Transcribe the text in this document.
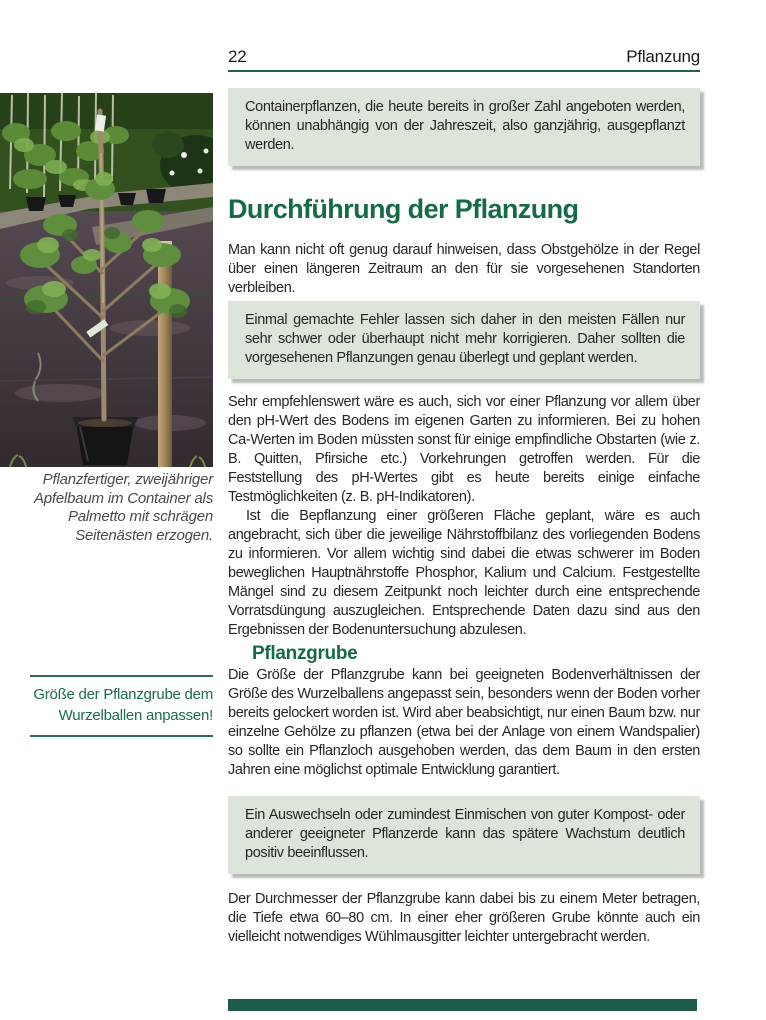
22	Pflanzung
Pflanzfertiger, zweijähriger Apfelbaum im Container als Palmetto mit schrägen Seitenästen erzogen.
Größe der Pflanzgrube dem Wurzelballen anpassen!
Containerpflanzen, die heute bereits in großer Zahl angeboten werden, können unabhängig von der Jahreszeit, also ganzjährig, ausgepflanzt werden.
Durchführung der Pflanzung

Man kann nicht oft genug darauf hinweisen, dass Obstgehölze in der Regel über einen längeren Zeitraum an den für sie vorgesehenen Standorten verbleiben.

Einmal gemachte Fehler lassen sich daher in den meisten Fällen nur sehr schwer oder überhaupt nicht mehr korrigieren. Daher sollten die vorgesehenen Pflanzungen genau überlegt und geplant werden.

Sehr empfehlenswert wäre es auch, sich vor einer Pflanzung vor allem über den pH-Wert des Bodens im eigenen Garten zu informieren. Bei zu hohen Ca-Werten im Boden müssten sonst für einige empfindliche Obstarten (wie z. B. Quitten, Pfirsiche etc.) Vorkehrungen getroffen werden. Für die Feststellung des pH-Wertes gibt es heute bereits einige einfache Testmöglichkeiten (z. B. pH-Indikatoren).

Ist die Bepflanzung einer größeren Fläche geplant, wäre es auch angebracht, sich über die jeweilige Nährstoffbilanz des vorliegenden Bodens zu informieren. Vor allem wichtig sind dabei die etwas schwerer im Boden beweglichen Hauptnährstoffe Phosphor, Kalium und Calcium. Festgestellte Mängel sind zu diesem Zeitpunkt noch leichter durch eine entsprechende Vorratsdüngung auszugleichen. Entsprechende Daten dazu sind aus den Ergebnissen der Bodenuntersuchung abzulesen.

Pflanzgrube

Die Größe der Pflanzgrube kann bei geeigneten Bodenverhältnissen der Größe des Wurzelballens angepasst sein, besonders wenn der Boden vorher bereits gelockert worden ist. Wird aber beabsichtigt, nur einen Baum bzw. nur einzelne Gehölze zu pflanzen (etwa bei der Anlage von einem Wandspalier) so sollte ein Pflanzloch ausgehoben werden, das dem Baum in den ersten Jahren eine möglichst optimale Entwicklung garantiert.

Ein Auswechseln oder zumindest Einmischen von guter Kompost- oder anderer geeigneter Pflanzerde kann das spätere Wachstum deutlich positiv beeinflussen.

Der Durchmesser der Pflanzgrube kann dabei bis zu einem Meter betragen, die Tiefe etwa 60–80 cm. In einer eher größeren Grube könnte auch ein vielleicht notwendiges Wühlmausgitter leichter untergebracht werden.
